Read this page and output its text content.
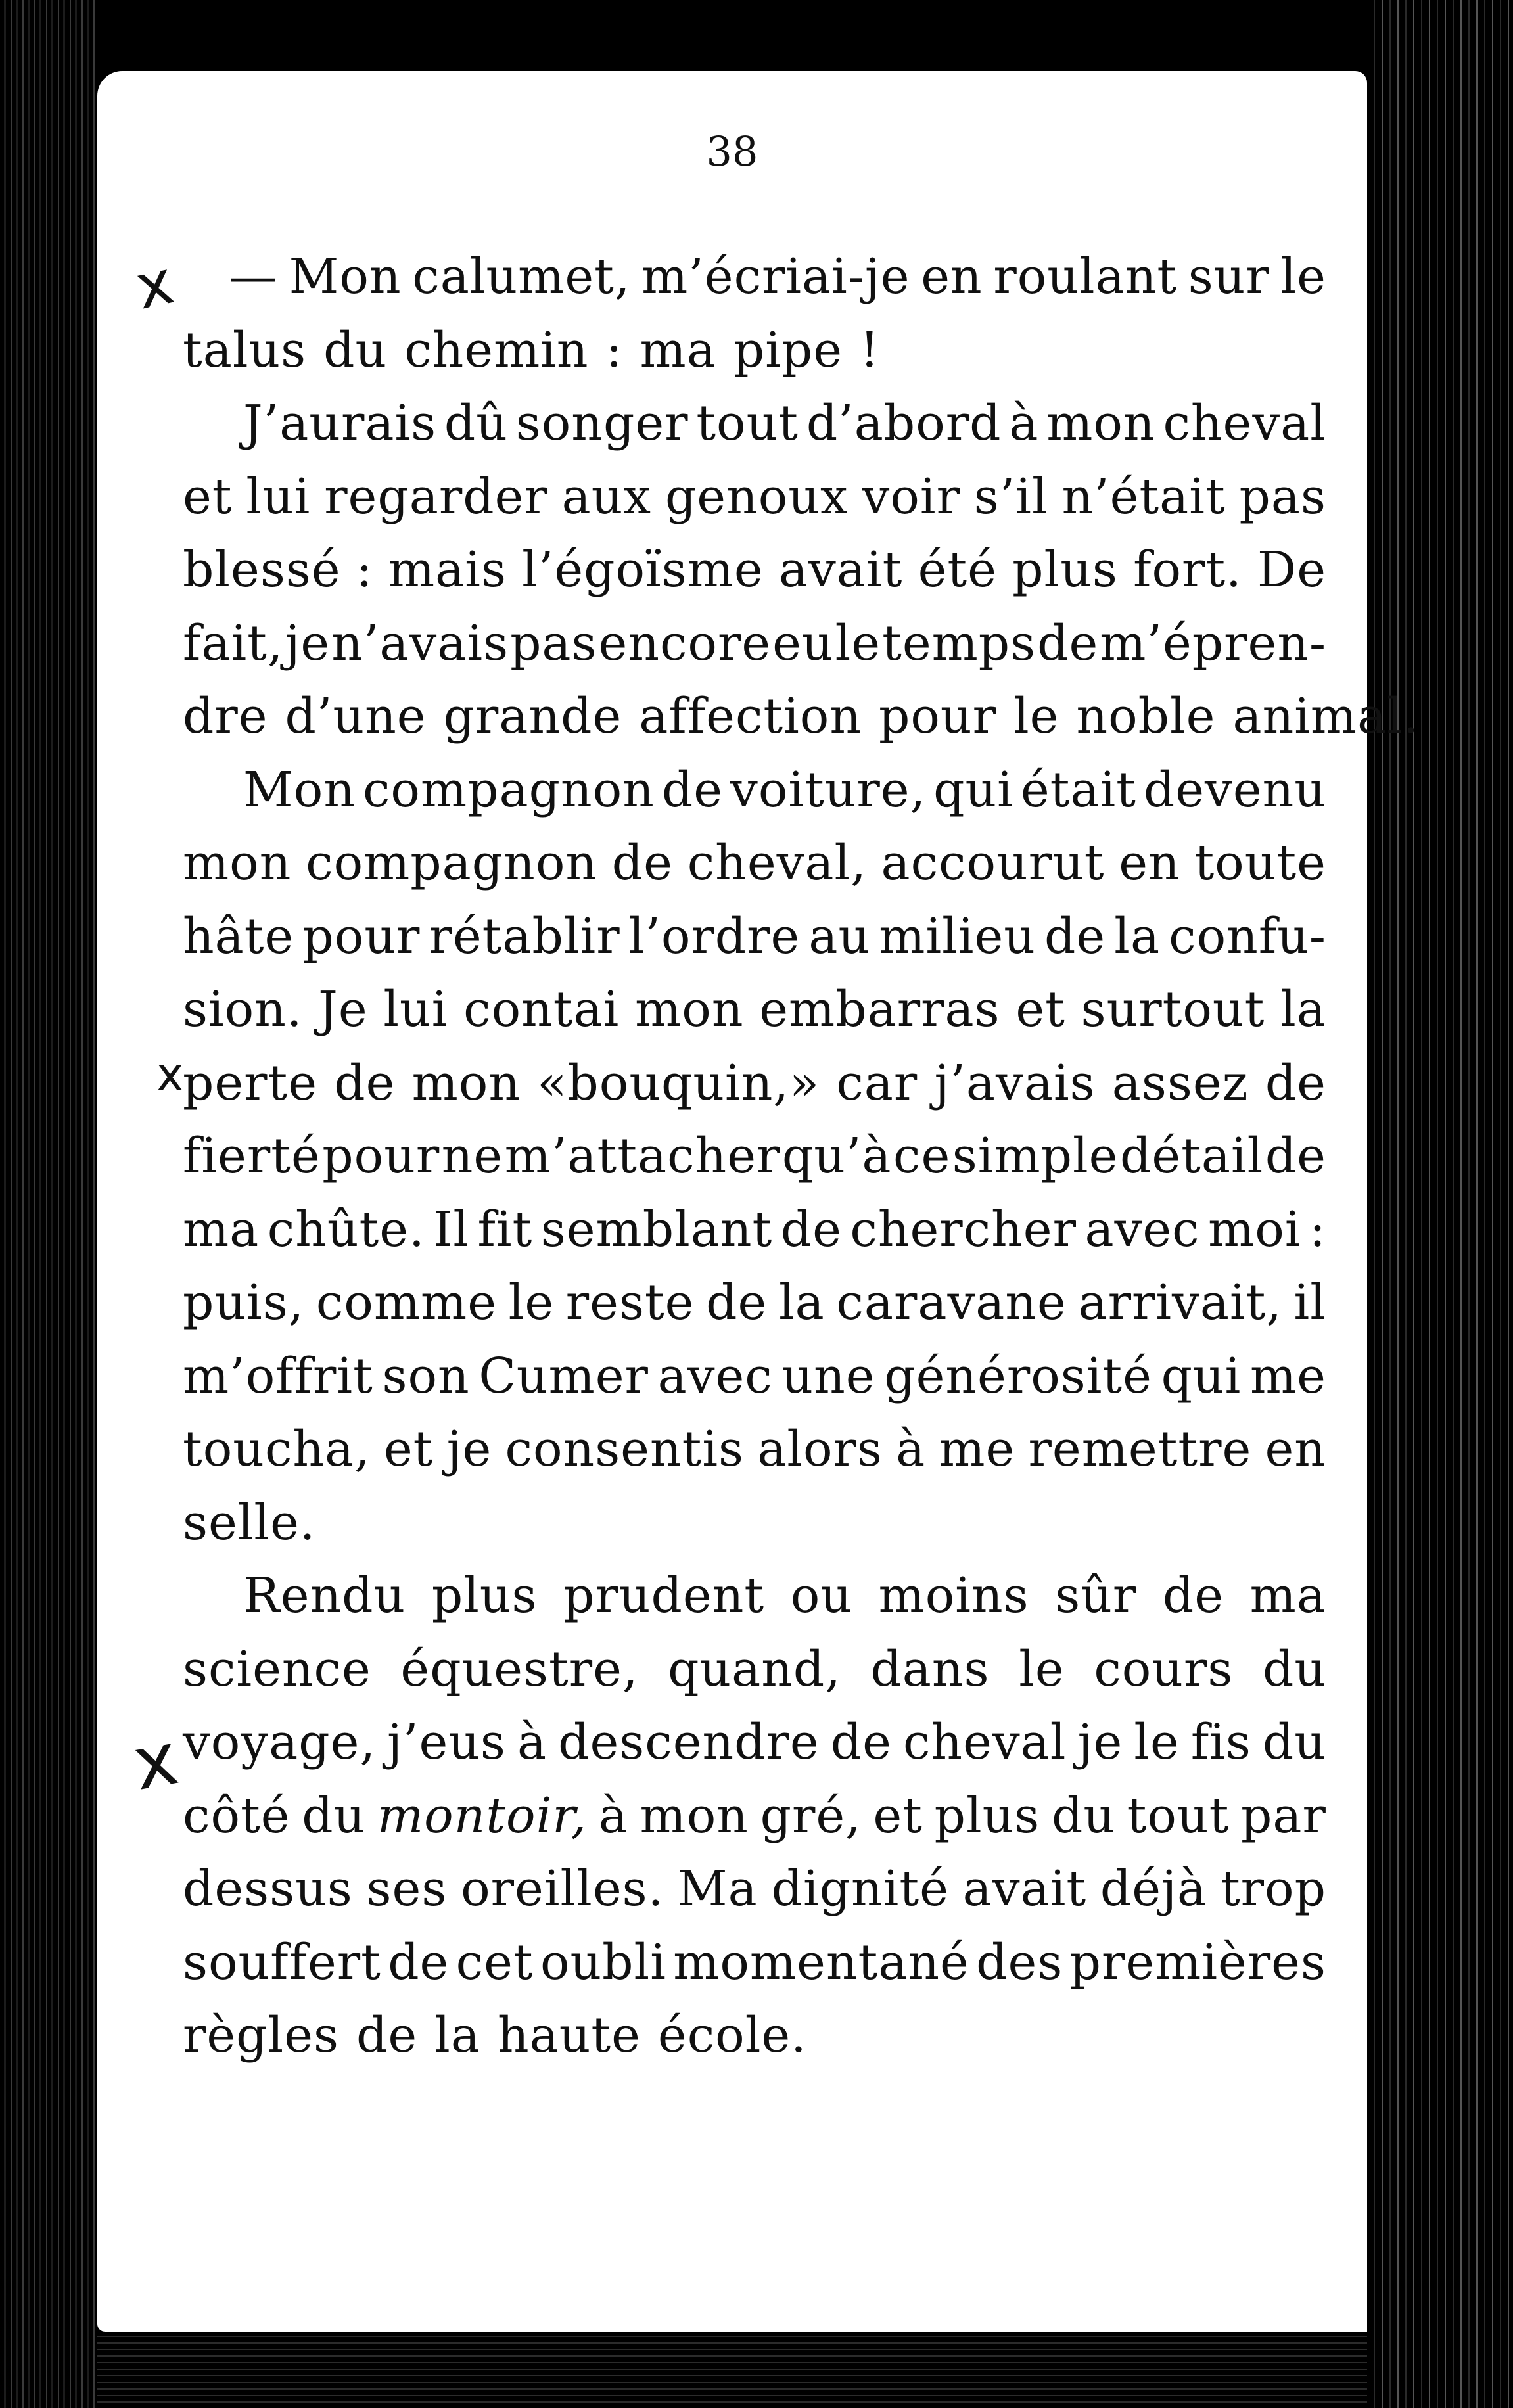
38
x
x
x
— Mon calumet, m’écriai-je en roulant sur le
talus du chemin : ma pipe !
J’aurais dû songer tout d’abord à mon cheval
et lui regarder aux genoux voir s’il n’était pas
blessé : mais l’égoïsme avait été plus fort. De
fait, je n’avais pas encore eu le temps de m’épren-
dre d’une grande affection pour le noble animal.
Mon compagnon de voiture, qui était devenu
mon compagnon de cheval, accourut en toute
hâte pour rétablir l’ordre au milieu de la confu-
sion. Je lui contai mon embarras et surtout la
perte de mon «bouquin,» car j’avais assez de
fierté pour ne m’attacher qu’à ce simple détail de
ma chûte. Il fit semblant de chercher avec moi :
puis, comme le reste de la caravane arrivait, il
m’offrit son Cumer avec une générosité qui me
toucha, et je consentis alors à me remettre en
selle.
Rendu plus prudent ou moins sûr de ma
science équestre, quand, dans le cours du
voyage, j’eus à descendre de cheval je le fis du
côté du montoir, à mon gré, et plus du tout par
dessus ses oreilles. Ma dignité avait déjà trop
souffert de cet oubli momentané des premières
règles de la haute école.
